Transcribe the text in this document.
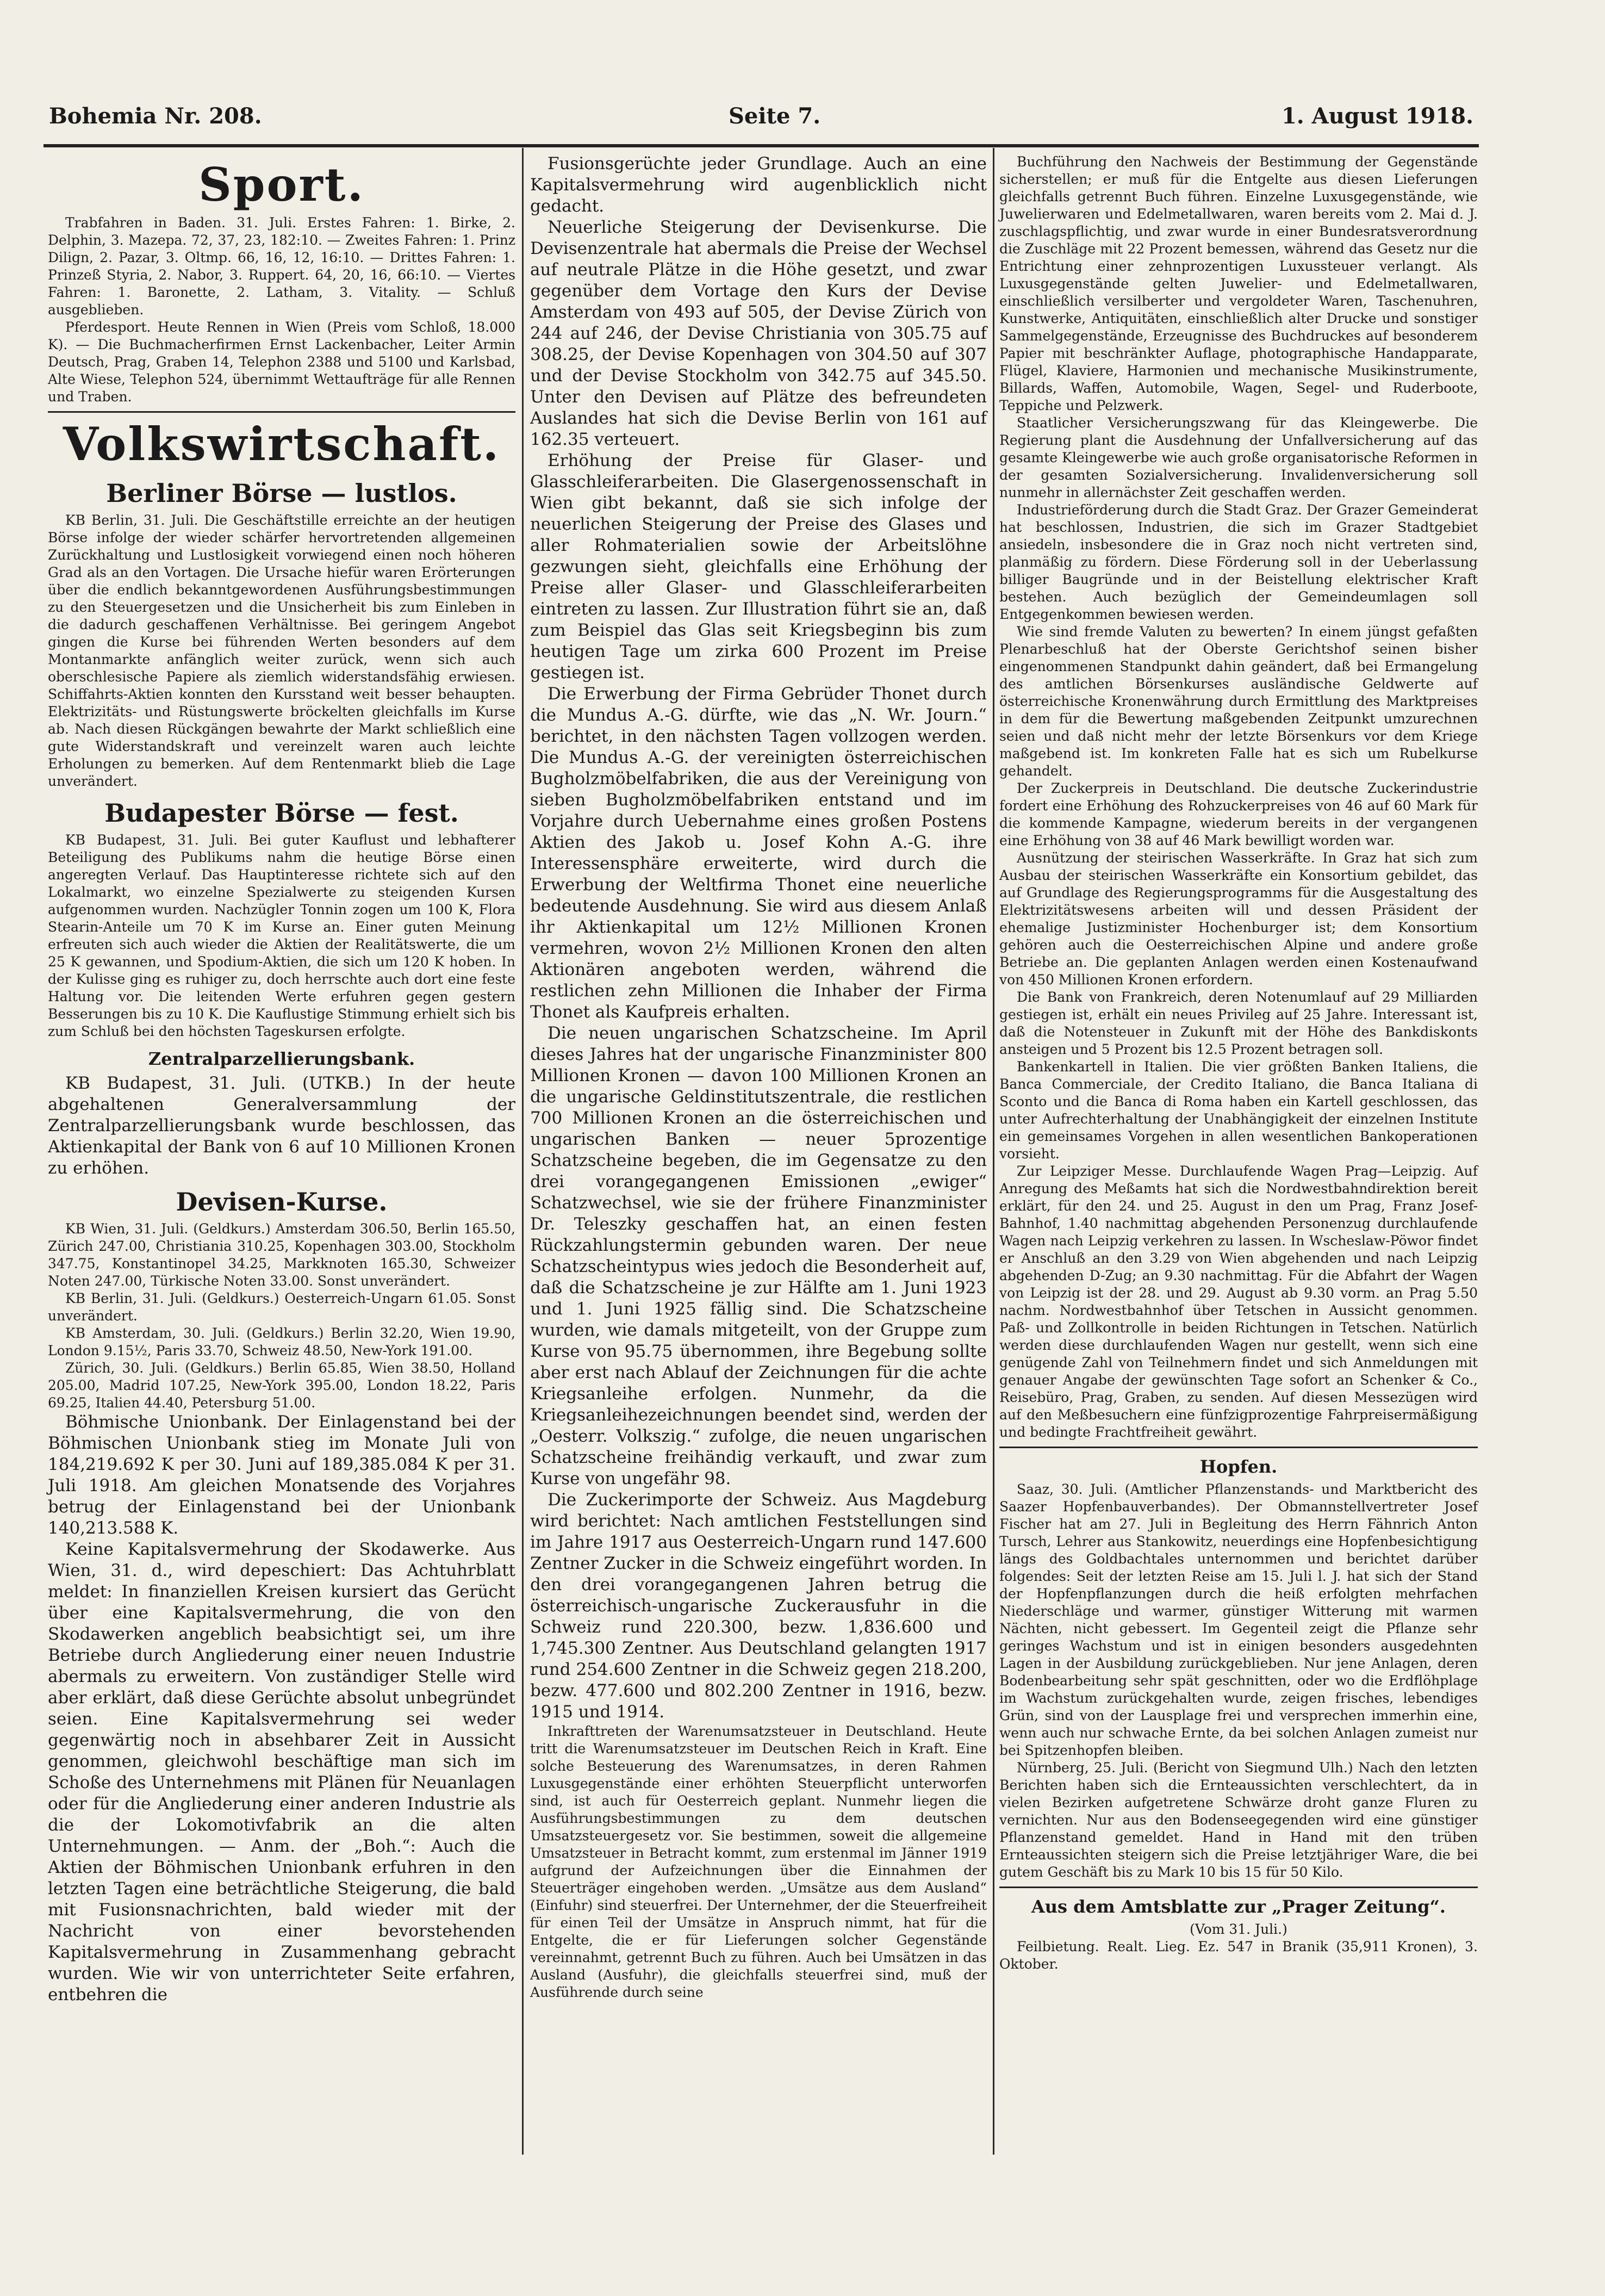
Bohemia Nr. 208.	Seite 7.	1. August 1918.
Sport.

Trabfahren in Baden. 31. Juli. Erstes Fahren: 1. Birke, 2. Delphin, 3. Mazepa. 72, 37, 23, 182:10. — Zweites Fahren: 1. Prinz Dilign, 2. Pazar, 3. Oltmp. 66, 16, 12, 16:10. — Drittes Fahren: 1. Prinzeß Styria, 2. Nabor, 3. Ruppert. 64, 20, 16, 66:10. — Viertes Fahren: 1. Baronette, 2. Latham, 3. Vitality. — Schluß ausgeblieben.

Pferdesport. Heute Rennen in Wien (Preis vom Schloß, 18.000 K). — Die Buchmacherfirmen Ernst Lackenbacher, Leiter Armin Deutsch, Prag, Graben 14, Telephon 2388 und 5100 und Karlsbad, Alte Wiese, Telephon 524, übernimmt Wettaufträge für alle Rennen und Traben.

Volkswirtschaft.
Berliner Börse — lustlos.

KB Berlin, 31. Juli. Die Geschäftstille erreichte an der heutigen Börse infolge der wieder schärfer hervortretenden allgemeinen Zurückhaltung und Lustlosigkeit vorwiegend einen noch höheren Grad als an den Vortagen. Die Ursache hiefür waren Erörterungen über die endlich bekanntgewordenen Ausführungsbestimmungen zu den Steuergesetzen und die Unsicherheit bis zum Einleben in die dadurch geschaffenen Verhältnisse. Bei geringem Angebot gingen die Kurse bei führenden Werten besonders auf dem Montanmarkte anfänglich weiter zurück, wenn sich auch oberschlesische Papiere als ziemlich widerstandsfähig erwiesen. Schiffahrts-Aktien konnten den Kursstand weit besser behaupten. Elektrizitäts- und Rüstungswerte bröckelten gleichfalls im Kurse ab. Nach diesen Rückgängen bewahrte der Markt schließlich eine gute Widerstandskraft und vereinzelt waren auch leichte Erholungen zu bemerken. Auf dem Rentenmarkt blieb die Lage unverändert.

Budapester Börse — fest.

KB Budapest, 31. Juli. Bei guter Kauflust und lebhafterer Beteiligung des Publikums nahm die heutige Börse einen angeregten Verlauf. Das Hauptinteresse richtete sich auf den Lokalmarkt, wo einzelne Spezialwerte zu steigenden Kursen aufgenommen wurden. Nachzügler Tonnin zogen um 100 K, Flora Stearin-Anteile um 70 K im Kurse an. Einer guten Meinung erfreuten sich auch wieder die Aktien der Realitätswerte, die um 25 K gewannen, und Spodium-Aktien, die sich um 120 K hoben. In der Kulisse ging es ruhiger zu, doch herrschte auch dort eine feste Haltung vor. Die leitenden Werte erfuhren gegen gestern Besserungen bis zu 10 K. Die Kauflustige Stimmung erhielt sich bis zum Schluß bei den höchsten Tageskursen erfolgte.

Zentralparzellierungsbank.

KB Budapest, 31. Juli. (UTKB.) In der heute abgehaltenen Generalversammlung der Zentralparzellierungsbank wurde beschlossen, das Aktienkapital der Bank von 6 auf 10 Millionen Kronen zu erhöhen.

Devisen-Kurse.

KB Wien, 31. Juli. (Geldkurs.) Amsterdam 306.50, Berlin 165.50, Zürich 247.00, Christiania 310.25, Kopenhagen 303.00, Stockholm 347.75, Konstantinopel 34.25, Markknoten 165.30, Schweizer Noten 247.00, Türkische Noten 33.00. Sonst unverändert.

KB Berlin, 31. Juli. (Geldkurs.) Oesterreich-Ungarn 61.05. Sonst unverändert.

KB Amsterdam, 30. Juli. (Geldkurs.) Berlin 32.20, Wien 19.90, London 9.15½, Paris 33.70, Schweiz 48.50, New-York 191.00.

Zürich, 30. Juli. (Geldkurs.) Berlin 65.85, Wien 38.50, Holland 205.00, Madrid 107.25, New-York 395.00, London 18.22, Paris 69.25, Italien 44.40, Petersburg 51.00.

Böhmische Unionbank. Der Einlagenstand bei der Böhmischen Unionbank stieg im Monate Juli von 184,219.692 K per 30. Juni auf 189,385.084 K per 31. Juli 1918. Am gleichen Monatsende des Vorjahres betrug der Einlagenstand bei der Unionbank 140,213.588 K.

Keine Kapitalsvermehrung der Skodawerke. Aus Wien, 31. d., wird depeschiert: Das Achtuhrblatt meldet: In finanziellen Kreisen kursiert das Gerücht über eine Kapitalsvermehrung, die von den Skodawerken angeblich beabsichtigt sei, um ihre Betriebe durch Angliederung einer neuen Industrie abermals zu erweitern. Von zuständiger Stelle wird aber erklärt, daß diese Gerüchte absolut unbegründet seien. Eine Kapitalsvermehrung sei weder gegenwärtig noch in absehbarer Zeit in Aussicht genommen, gleichwohl beschäftige man sich im Schoße des Unternehmens mit Plänen für Neuanlagen oder für die Angliederung einer anderen Industrie als die der Lokomotivfabrik an die alten Unternehmungen. — Anm. der „Boh.“: Auch die Aktien der Böhmischen Unionbank erfuhren in den letzten Tagen eine beträchtliche Steigerung, die bald mit Fusionsnachrichten, bald wieder mit der Nachricht von einer bevorstehenden Kapitalsvermehrung in Zusammenhang gebracht wurden. Wie wir von unterrichteter Seite erfahren, entbehren die

Fusionsgerüchte jeder Grundlage. Auch an eine Kapitalsvermehrung wird augenblicklich nicht gedacht.

Neuerliche Steigerung der Devisenkurse. Die Devisenzentrale hat abermals die Preise der Wechsel auf neutrale Plätze in die Höhe gesetzt, und zwar gegenüber dem Vortage den Kurs der Devise Amsterdam von 493 auf 505, der Devise Zürich von 244 auf 246, der Devise Christiania von 305.75 auf 308.25, der Devise Kopenhagen von 304.50 auf 307 und der Devise Stockholm von 342.75 auf 345.50. Unter den Devisen auf Plätze des befreundeten Auslandes hat sich die Devise Berlin von 161 auf 162.35 verteuert.

Erhöhung der Preise für Glaser- und Glasschleiferarbeiten. Die Glasergenossenschaft in Wien gibt bekannt, daß sie sich infolge der neuerlichen Steigerung der Preise des Glases und aller Rohmaterialien sowie der Arbeitslöhne gezwungen sieht, gleichfalls eine Erhöhung der Preise aller Glaser- und Glasschleiferarbeiten eintreten zu lassen. Zur Illustration führt sie an, daß zum Beispiel das Glas seit Kriegsbeginn bis zum heutigen Tage um zirka 600 Prozent im Preise gestiegen ist.

Die Erwerbung der Firma Gebrüder Thonet durch die Mundus A.-G. dürfte, wie das „N. Wr. Journ.“ berichtet, in den nächsten Tagen vollzogen werden. Die Mundus A.-G. der vereinigten österreichischen Bugholzmöbelfabriken, die aus der Vereinigung von sieben Bugholzmöbelfabriken entstand und im Vorjahre durch Uebernahme eines großen Postens Aktien des Jakob u. Josef Kohn A.-G. ihre Interessensphäre erweiterte, wird durch die Erwerbung der Weltfirma Thonet eine neuerliche bedeutende Ausdehnung. Sie wird aus diesem Anlaß ihr Aktienkapital um 12½ Millionen Kronen vermehren, wovon 2½ Millionen Kronen den alten Aktionären angeboten werden, während die restlichen zehn Millionen die Inhaber der Firma Thonet als Kaufpreis erhalten.

Die neuen ungarischen Schatzscheine. Im April dieses Jahres hat der ungarische Finanzminister 800 Millionen Kronen — davon 100 Millionen Kronen an die ungarische Geldinstitutszentrale, die restlichen 700 Millionen Kronen an die österreichischen und ungarischen Banken — neuer 5prozentige Schatzscheine begeben, die im Gegensatze zu den drei vorangegangenen Emissionen „ewiger“ Schatzwechsel, wie sie der frühere Finanzminister Dr. Teleszky geschaffen hat, an einen festen Rückzahlungstermin gebunden waren. Der neue Schatzscheintypus wies jedoch die Besonderheit auf, daß die Schatzscheine je zur Hälfte am 1. Juni 1923 und 1. Juni 1925 fällig sind. Die Schatzscheine wurden, wie damals mitgeteilt, von der Gruppe zum Kurse von 95.75 übernommen, ihre Begebung sollte aber erst nach Ablauf der Zeichnungen für die achte Kriegsanleihe erfolgen. Nunmehr, da die Kriegsanleihezeichnungen beendet sind, werden der „Oesterr. Volkszig.“ zufolge, die neuen ungarischen Schatzscheine freihändig verkauft, und zwar zum Kurse von ungefähr 98.

Die Zuckerimporte der Schweiz. Aus Magdeburg wird berichtet: Nach amtlichen Feststellungen sind im Jahre 1917 aus Oesterreich-Ungarn rund 147.600 Zentner Zucker in die Schweiz eingeführt worden. In den drei vorangegangenen Jahren betrug die österreichisch-ungarische Zuckerausfuhr in die Schweiz rund 220.300, bezw. 1,836.600 und 1,745.300 Zentner. Aus Deutschland gelangten 1917 rund 254.600 Zentner in die Schweiz gegen 218.200, bezw. 477.600 und 802.200 Zentner in 1916, bezw. 1915 und 1914.

Inkrafttreten der Warenumsatzsteuer in Deutschland. Heute tritt die Warenumsatzsteuer im Deutschen Reich in Kraft. Eine solche Besteuerung des Warenumsatzes, in deren Rahmen Luxusgegenstände einer erhöhten Steuerpflicht unterworfen sind, ist auch für Oesterreich geplant. Nunmehr liegen die Ausführungsbestimmungen zu dem deutschen Umsatzsteuergesetz vor. Sie bestimmen, soweit die allgemeine Umsatzsteuer in Betracht kommt, zum erstenmal im Jänner 1919 aufgrund der Aufzeichnungen über die Einnahmen der Steuerträger eingehoben werden. „Umsätze aus dem Ausland“ (Einfuhr) sind steuerfrei. Der Unternehmer, der die Steuerfreiheit für einen Teil der Umsätze in Anspruch nimmt, hat für die Entgelte, die er für Lieferungen solcher Gegenstände vereinnahmt, getrennt Buch zu führen. Auch bei Umsätzen in das Ausland (Ausfuhr), die gleichfalls steuerfrei sind, muß der Ausführende durch seine

Buchführung den Nachweis der Bestimmung der Gegenstände sicherstellen; er muß für die Entgelte aus diesen Lieferungen gleichfalls getrennt Buch führen. Einzelne Luxusgegenstände, wie Juwelierwaren und Edelmetallwaren, waren bereits vom 2. Mai d. J. zuschlagspflichtig, und zwar wurde in einer Bundesratsverordnung die Zuschläge mit 22 Prozent bemessen, während das Gesetz nur die Entrichtung einer zehnprozentigen Luxussteuer verlangt. Als Luxusgegenstände gelten Juwelier- und Edelmetallwaren, einschließlich versilberter und vergoldeter Waren, Taschenuhren, Kunstwerke, Antiquitäten, einschließlich alter Drucke und sonstiger Sammelgegenstände, Erzeugnisse des Buchdruckes auf besonderem Papier mit beschränkter Auflage, photographische Handapparate, Flügel, Klaviere, Harmonien und mechanische Musikinstrumente, Billards, Waffen, Automobile, Wagen, Segel- und Ruderboote, Teppiche und Pelzwerk.

Staatlicher Versicherungszwang für das Kleingewerbe. Die Regierung plant die Ausdehnung der Unfallversicherung auf das gesamte Kleingewerbe wie auch große organisatorische Reformen in der gesamten Sozialversicherung. Invalidenversicherung soll nunmehr in allernächster Zeit geschaffen werden.

Industrieförderung durch die Stadt Graz. Der Grazer Gemeinderat hat beschlossen, Industrien, die sich im Grazer Stadtgebiet ansiedeln, insbesondere die in Graz noch nicht vertreten sind, planmäßig zu fördern. Diese Förderung soll in der Ueberlassung billiger Baugründe und in der Beistellung elektrischer Kraft bestehen. Auch bezüglich der Gemeindeumlagen soll Entgegenkommen bewiesen werden.

Wie sind fremde Valuten zu bewerten? In einem jüngst gefaßten Plenarbeschluß hat der Oberste Gerichtshof seinen bisher eingenommenen Standpunkt dahin geändert, daß bei Ermangelung des amtlichen Börsenkurses ausländische Geldwerte auf österreichische Kronenwährung durch Ermittlung des Marktpreises in dem für die Bewertung maßgebenden Zeitpunkt umzurechnen seien und daß nicht mehr der letzte Börsenkurs vor dem Kriege maßgebend ist. Im konkreten Falle hat es sich um Rubelkurse gehandelt.

Der Zuckerpreis in Deutschland. Die deutsche Zuckerindustrie fordert eine Erhöhung des Rohzuckerpreises von 46 auf 60 Mark für die kommende Kampagne, wiederum bereits in der vergangenen eine Erhöhung von 38 auf 46 Mark bewilligt worden war.

Ausnützung der steirischen Wasserkräfte. In Graz hat sich zum Ausbau der steirischen Wasserkräfte ein Konsortium gebildet, das auf Grundlage des Regierungsprogramms für die Ausgestaltung des Elektrizitätswesens arbeiten will und dessen Präsident der ehemalige Justizminister Hochenburger ist; dem Konsortium gehören auch die Oesterreichischen Alpine und andere große Betriebe an. Die geplanten Anlagen werden einen Kostenaufwand von 450 Millionen Kronen erfordern.

Die Bank von Frankreich, deren Notenumlauf auf 29 Milliarden gestiegen ist, erhält ein neues Privileg auf 25 Jahre. Interessant ist, daß die Notensteuer in Zukunft mit der Höhe des Bankdiskonts ansteigen und 5 Prozent bis 12.5 Prozent betragen soll.

Bankenkartell in Italien. Die vier größten Banken Italiens, die Banca Commerciale, der Credito Italiano, die Banca Italiana di Sconto und die Banca di Roma haben ein Kartell geschlossen, das unter Aufrechterhaltung der Unabhängigkeit der einzelnen Institute ein gemeinsames Vorgehen in allen wesentlichen Bankoperationen vorsieht.

Zur Leipziger Messe. Durchlaufende Wagen Prag—Leipzig. Auf Anregung des Meßamts hat sich die Nordwestbahndirektion bereit erklärt, für den 24. und 25. August in den um Prag, Franz Josef-Bahnhof, 1.40 nachmittag abgehenden Personenzug durchlaufende Wagen nach Leipzig verkehren zu lassen. In Wscheslaw-Pöwor findet er Anschluß an den 3.29 von Wien abgehenden und nach Leipzig abgehenden D-Zug; an 9.30 nachmittag. Für die Abfahrt der Wagen von Leipzig ist der 28. und 29. August ab 9.30 vorm. an Prag 5.50 nachm. Nordwestbahnhof über Tetschen in Aussicht genommen. Paß- und Zollkontrolle in beiden Richtungen in Tetschen. Natürlich werden diese durchlaufenden Wagen nur gestellt, wenn sich eine genügende Zahl von Teilnehmern findet und sich Anmeldungen mit genauer Angabe der gewünschten Tage sofort an Schenker & Co., Reisebüro, Prag, Graben, zu senden. Auf diesen Messezügen wird auf den Meßbesuchern eine fünfzigprozentige Fahrpreisermäßigung und bedingte Frachtfreiheit gewährt.

Hopfen.

Saaz, 30. Juli. (Amtlicher Pflanzenstands- und Marktbericht des Saazer Hopfenbauverbandes). Der Obmannstellvertreter Josef Fischer hat am 27. Juli in Begleitung des Herrn Fähnrich Anton Tursch, Lehrer aus Stankowitz, neuerdings eine Hopfenbesichtigung längs des Goldbachtales unternommen und berichtet darüber folgendes: Seit der letzten Reise am 15. Juli l. J. hat sich der Stand der Hopfenpflanzungen durch die heiß erfolgten mehrfachen Niederschläge und warmer, günstiger Witterung mit warmen Nächten, nicht gebessert. Im Gegenteil zeigt die Pflanze sehr geringes Wachstum und ist in einigen besonders ausgedehnten Lagen in der Ausbildung zurückgeblieben. Nur jene Anlagen, deren Bodenbearbeitung sehr spät geschnitten, oder wo die Erdflöhplage im Wachstum zurückgehalten wurde, zeigen frisches, lebendiges Grün, sind von der Lausplage frei und versprechen immerhin eine, wenn auch nur schwache Ernte, da bei solchen Anlagen zumeist nur bei Spitzenhopfen bleiben.

Nürnberg, 25. Juli. (Bericht von Siegmund Ulh.) Nach den letzten Berichten haben sich die Ernteaussichten verschlechtert, da in vielen Bezirken aufgetretene Schwärze droht ganze Fluren zu vernichten. Nur aus den Bodenseegegenden wird eine günstiger Pflanzenstand gemeldet. Hand in Hand mit den trüben Ernteaussichten steigern sich die Preise letztjähriger Ware, die bei gutem Geschäft bis zu Mark 10 bis 15 für 50 Kilo.

Aus dem Amtsblatte zur „Prager Zeitung“.

(Vom 31. Juli.)

Feilbietung. Realt. Lieg. Ez. 547 in Branik (35,911 Kronen), 3. Oktober.
